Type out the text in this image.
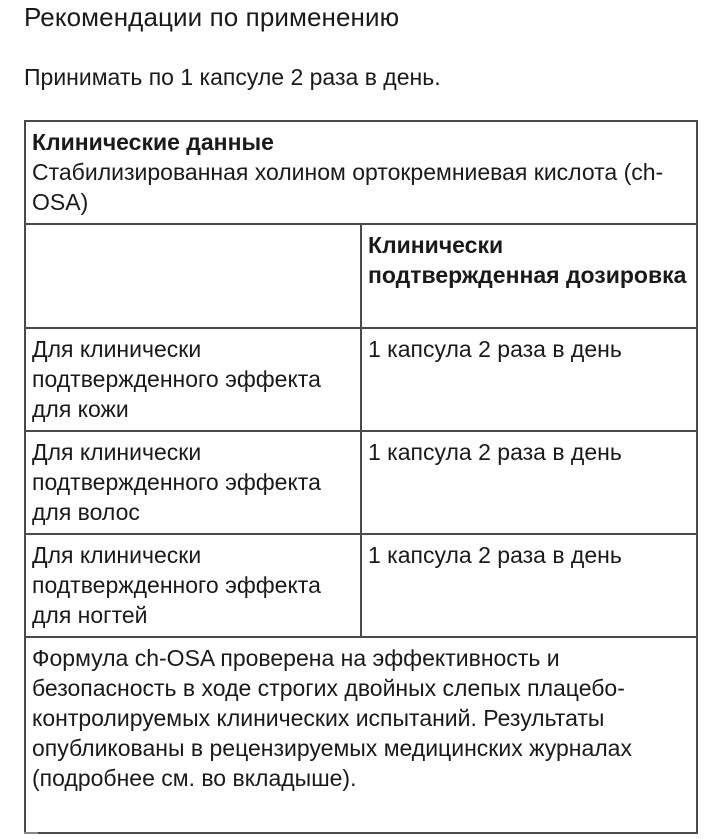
Рекомендации по применению

Принимать по 1 капсуле 2 раза в день.

Клинические данные
Стабилизированная холином ортокремниевая кислота (ch-OSA)	

	Клинически подтвержденная дозировка

Для клинически подтвержденного эффекта для кожи	1 капсула 2 раза в день
Для клинически подтвержденного эффекта для волос	1 капсула 2 раза в день
Для клинически подтвержденного эффекта для ногтей	1 капсула 2 раза в день
Формула ch-OSA проверена на эффективность и безопасность в ходе строгих двойных слепых плацебо-контролируемых клинических испытаний. Результаты опубликованы в рецензируемых медицинских журналах (подробнее см. во вкладыше).	
